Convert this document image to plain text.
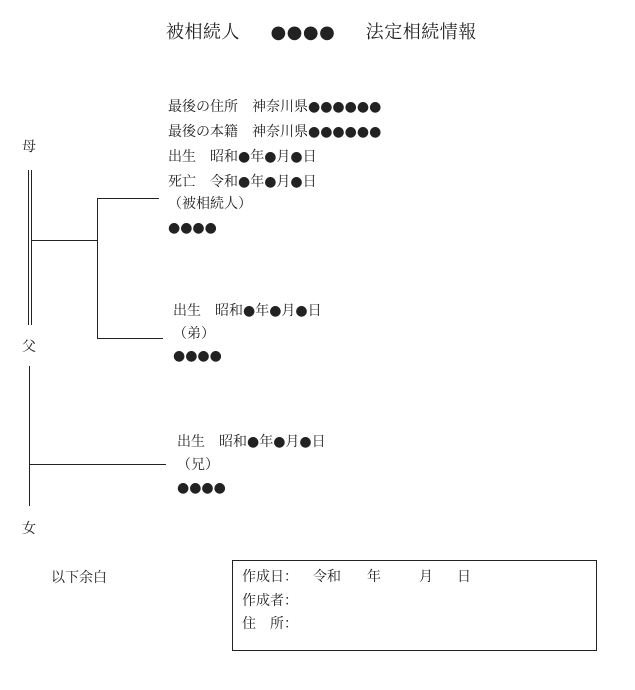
被相続人 ●●●● 法定相続情報
母
父
女
最後の住所　神奈川県●●●●●●
最後の本籍　神奈川県●●●●●●
出生　昭和●年●月●日
死亡　令和●年●月●日
（被相続人）
●●●●
出生　昭和●年●月●日
（弟）
●●●●
出生　昭和●年●月●日
（兄）
●●●●
以下余白	作成日： 令和 年	月 日
作成者：
住　所：
